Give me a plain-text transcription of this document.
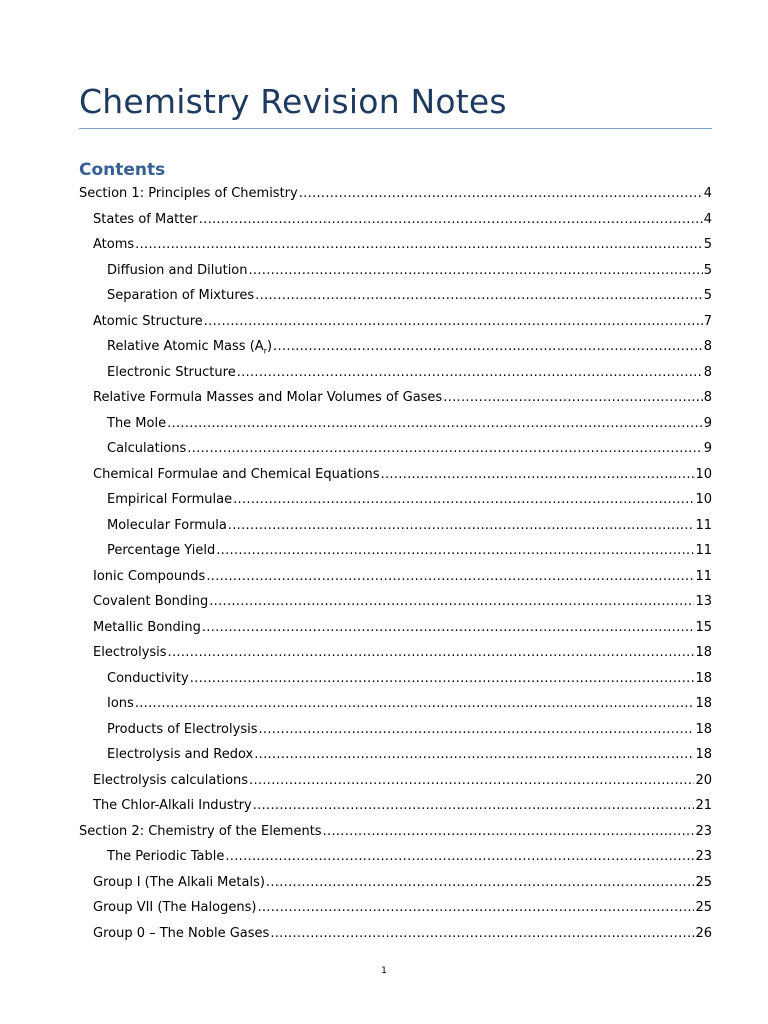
Chemistry Revision Notes
Contents
Section 1: Principles of Chemistry .....	4
States of Matter .....	4
Atoms .....	5
Diffusion and Dilution .....	5
Separation of Mixtures .....	5
Atomic Structure .....	7
Relative Atomic Mass $(A_r)$ .....	8
Electronic Structure .....	8
Relative Formula Masses and Molar Volumes of Gases .....	8
The Mole .....	9
Calculations .....	9
Chemical Formulae and Chemical Equations .....	10
Empirical Formulae .....	10
Molecular Formula .....	11
Percentage Yield .....	11
Ionic Compounds .....	11
Covalent Bonding .....	13
Metallic Bonding .....	15
Electrolysis .....	18
Conductivity .....	18
Ions .....	18
Products of Electrolysis .....	18
Electrolysis and Redox .....	18
Electrolysis calculations .....	20
The Chlor-Alkali Industry .....	21
Section 2: Chemistry of the Elements .....	23
The Periodic Table .....	23
Group I (The Alkali Metals) .....	25
Group VII (The Halogens) .....	25
Group 0 – The Noble Gases .....	26
1
